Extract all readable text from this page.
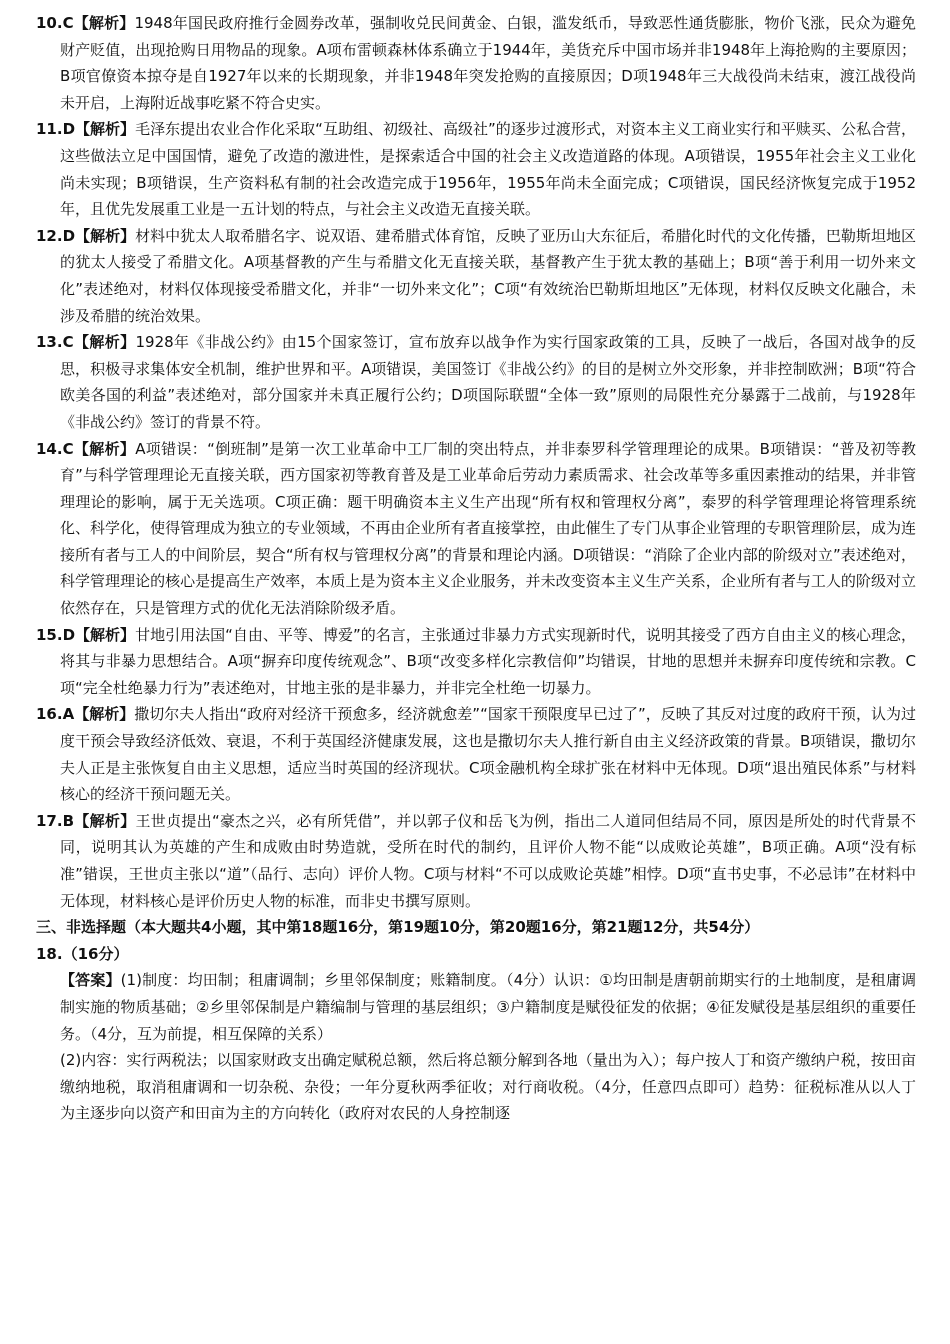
10.C【解析】1948年国民政府推行金圆券改革，强制收兑民间黄金、白银，滥发纸币，导致恶性通货膨胀，物价飞涨，民众为避免财产贬值，出现抢购日用物品的现象。A项布雷顿森林体系确立于1944年，美货充斥中国市场并非1948年上海抢购的主要原因；B项官僚资本掠夺是自1927年以来的长期现象，并非1948年突发抢购的直接原因；D项1948年三大战役尚未结束，渡江战役尚未开启，上海附近战事吃紧不符合史实。

11.D【解析】毛泽东提出农业合作化采取“互助组、初级社、高级社”的逐步过渡形式，对资本主义工商业实行和平赎买、公私合营，这些做法立足中国国情，避免了改造的激进性，是探索适合中国的社会主义改造道路的体现。A项错误，1955年社会主义工业化尚未实现；B项错误，生产资料私有制的社会改造完成于1956年，1955年尚未全面完成；C项错误，国民经济恢复完成于1952年，且优先发展重工业是一五计划的特点，与社会主义改造无直接关联。

12.D【解析】材料中犹太人取希腊名字、说双语、建希腊式体育馆，反映了亚历山大东征后，希腊化时代的文化传播，巴勒斯坦地区的犹太人接受了希腊文化。A项基督教的产生与希腊文化无直接关联，基督教产生于犹太教的基础上；B项“善于利用一切外来文化”表述绝对，材料仅体现接受希腊文化，并非“一切外来文化”；C项“有效统治巴勒斯坦地区”无体现，材料仅反映文化融合，未涉及希腊的统治效果。

13.C【解析】1928年《非战公约》由15个国家签订，宣布放弃以战争作为实行国家政策的工具，反映了一战后，各国对战争的反思，积极寻求集体安全机制，维护世界和平。A项错误，美国签订《非战公约》的目的是树立外交形象，并非控制欧洲；B项“符合欧美各国的利益”表述绝对，部分国家并未真正履行公约；D项国际联盟“全体一致”原则的局限性充分暴露于二战前，与1928年《非战公约》签订的背景不符。

14.C【解析】A项错误：“倒班制”是第一次工业革命中工厂制的突出特点，并非泰罗科学管理理论的成果。B项错误：“普及初等教育”与科学管理理论无直接关联，西方国家初等教育普及是工业革命后劳动力素质需求、社会改革等多重因素推动的结果，并非管理理论的影响，属于无关选项。C项正确：题干明确资本主义生产出现“所有权和管理权分离”，泰罗的科学管理理论将管理系统化、科学化，使得管理成为独立的专业领域，不再由企业所有者直接掌控，由此催生了专门从事企业管理的专职管理阶层，成为连接所有者与工人的中间阶层，契合“所有权与管理权分离”的背景和理论内涵。D项错误：“消除了企业内部的阶级对立”表述绝对，科学管理理论的核心是提高生产效率，本质上是为资本主义企业服务，并未改变资本主义生产关系，企业所有者与工人的阶级对立依然存在，只是管理方式的优化无法消除阶级矛盾。

15.D【解析】甘地引用法国“自由、平等、博爱”的名言，主张通过非暴力方式实现新时代，说明其接受了西方自由主义的核心理念，将其与非暴力思想结合。A项“摒弃印度传统观念”、B项“改变多样化宗教信仰”均错误，甘地的思想并未摒弃印度传统和宗教。C项“完全杜绝暴力行为”表述绝对，甘地主张的是非暴力，并非完全杜绝一切暴力。

16.A【解析】撒切尔夫人指出“政府对经济干预愈多，经济就愈差”“国家干预限度早已过了”，反映了其反对过度的政府干预，认为过度干预会导致经济低效、衰退，不利于英国经济健康发展，这也是撒切尔夫人推行新自由主义经济政策的背景。B项错误，撒切尔夫人正是主张恢复自由主义思想，适应当时英国的经济现状。C项金融机构全球扩张在材料中无体现。D项“退出殖民体系”与材料核心的经济干预问题无关。

17.B【解析】王世贞提出“豪杰之兴，必有所凭借”，并以郭子仪和岳飞为例，指出二人道同但结局不同，原因是所处的时代背景不同，说明其认为英雄的产生和成败由时势造就，受所在时代的制约，且评价人物不能“以成败论英雄”，B项正确。A项“没有标准”错误，王世贞主张以“道”（品行、志向）评价人物。C项与材料“不可以成败论英雄”相悖。D项“直书史事，不必忌讳”在材料中无体现，材料核心是评价历史人物的标准，而非史书撰写原则。

三、非选择题（本大题共4小题，其中第18题16分，第19题10分，第20题16分，第21题12分，共54分）

18.（16分）

【答案】(1)制度：均田制；租庸调制；乡里邻保制度；账籍制度。（4分）认识：①均田制是唐朝前期实行的土地制度，是租庸调制实施的物质基础；②乡里邻保制是户籍编制与管理的基层组织；③户籍制度是赋役征发的依据；④征发赋役是基层组织的重要任务。（4分，互为前提，相互保障的关系）

(2)内容：实行两税法；以国家财政支出确定赋税总额，然后将总额分解到各地（量出为入）；每户按人丁和资产缴纳户税，按田亩缴纳地税，取消租庸调和一切杂税、杂役；一年分夏秋两季征收；对行商收税。（4分，任意四点即可）趋势：征税标准从以人丁为主逐步向以资产和田亩为主的方向转化（政府对农民的人身控制逐
